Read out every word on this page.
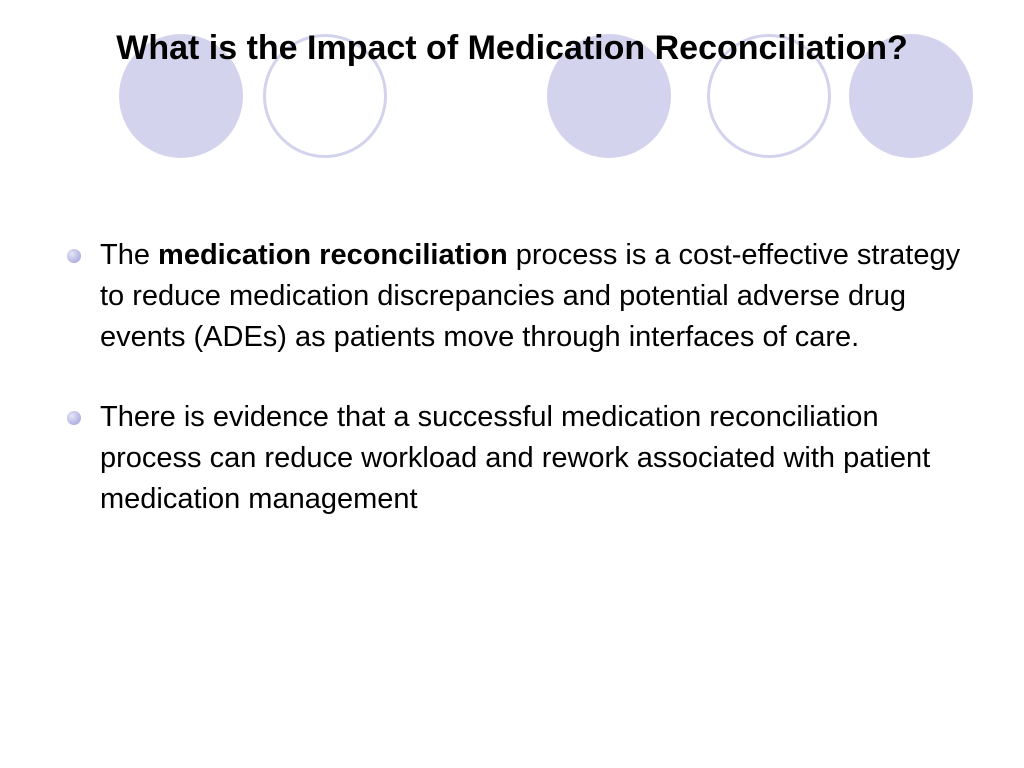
What is the Impact of Medication Reconciliation?
The medication reconciliation process is a cost-effective strategy to reduce medication discrepancies and potential adverse drug events (ADEs) as patients move through interfaces of care.
There is evidence that a successful medication reconciliation process can reduce workload and rework associated with patient medication management
